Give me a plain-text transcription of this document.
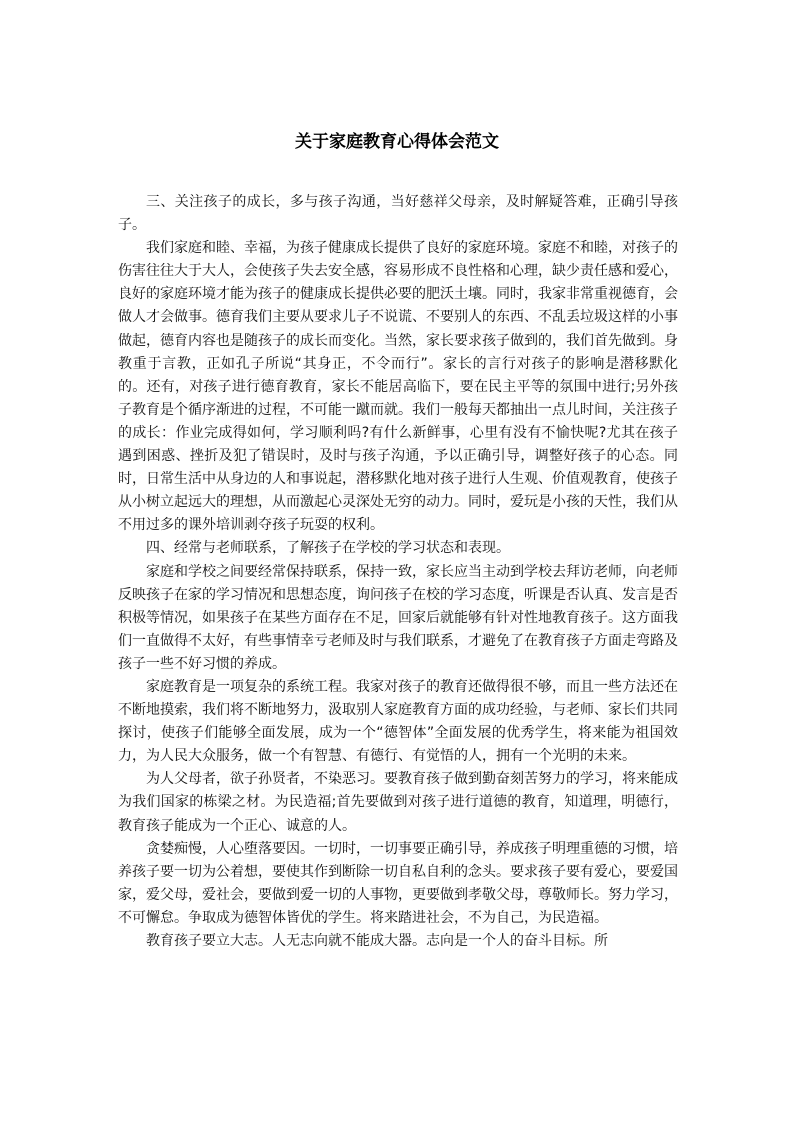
关于家庭教育心得体会范文

三、关注孩子的成长，多与孩子沟通，当好慈祥父母亲，及时解疑答难，正确引导孩子。

我们家庭和睦、幸福，为孩子健康成长提供了良好的家庭环境。家庭不和睦，对孩子的伤害往往大于大人，会使孩子失去安全感，容易形成不良性格和心理，缺少责任感和爱心，良好的家庭环境才能为孩子的健康成长提供必要的肥沃土壤。同时，我家非常重视德育，会做人才会做事。德育我们主要从要求儿子不说谎、不要别人的东西、不乱丢垃圾这样的小事做起，德育内容也是随孩子的成长而变化。当然，家长要求孩子做到的，我们首先做到。身教重于言教，正如孔子所说“其身正，不令而行”。家长的言行对孩子的影响是潜移默化的。还有，对孩子进行德育教育，家长不能居高临下，要在民主平等的氛围中进行;另外孩子教育是个循序渐进的过程，不可能一蹴而就。我们一般每天都抽出一点儿时间，关注孩子的成长：作业完成得如何，学习顺利吗?有什么新鲜事，心里有没有不愉快呢?尤其在孩子遇到困惑、挫折及犯了错误时，及时与孩子沟通，予以正确引导，调整好孩子的心态。同时，日常生活中从身边的人和事说起，潜移默化地对孩子进行人生观、价值观教育，使孩子从小树立起远大的理想，从而激起心灵深处无穷的动力。同时，爱玩是小孩的天性，我们从不用过多的课外培训剥夺孩子玩耍的权利。

四、经常与老师联系，了解孩子在学校的学习状态和表现。

家庭和学校之间要经常保持联系，保持一致，家长应当主动到学校去拜访老师，向老师反映孩子在家的学习情况和思想态度，询问孩子在校的学习态度，听课是否认真、发言是否积极等情况，如果孩子在某些方面存在不足，回家后就能够有针对性地教育孩子。这方面我们一直做得不太好，有些事情幸亏老师及时与我们联系，才避免了在教育孩子方面走弯路及孩子一些不好习惯的养成。

家庭教育是一项复杂的系统工程。我家对孩子的教育还做得很不够，而且一些方法还在不断地摸索，我们将不断地努力，汲取别人家庭教育方面的成功经验，与老师、家长们共同探讨，使孩子们能够全面发展，成为一个“德智体”全面发展的优秀学生，将来能为祖国效力，为人民大众服务，做一个有智慧、有德行、有觉悟的人，拥有一个光明的未来。

为人父母者，欲子孙贤者，不染恶习。要教育孩子做到勤奋刻苦努力的学习，将来能成为我们国家的栋梁之材。为民造福;首先要做到对孩子进行道德的教育，知道理，明德行，教育孩子能成为一个正心、诚意的人。

贪婪痴慢，人心堕落要因。一切时，一切事要正确引导，养成孩子明理重德的习惯，培养孩子要一切为公着想，要使其作到断除一切自私自利的念头。要求孩子要有爱心，要爱国家，爱父母，爱社会，要做到爱一切的人事物，更要做到孝敬父母，尊敬师长。努力学习，不可懈怠。争取成为德智体皆优的学生。将来踏进社会，不为自己，为民造福。

教育孩子要立大志。人无志向就不能成大器。志向是一个人的奋斗目标。所
